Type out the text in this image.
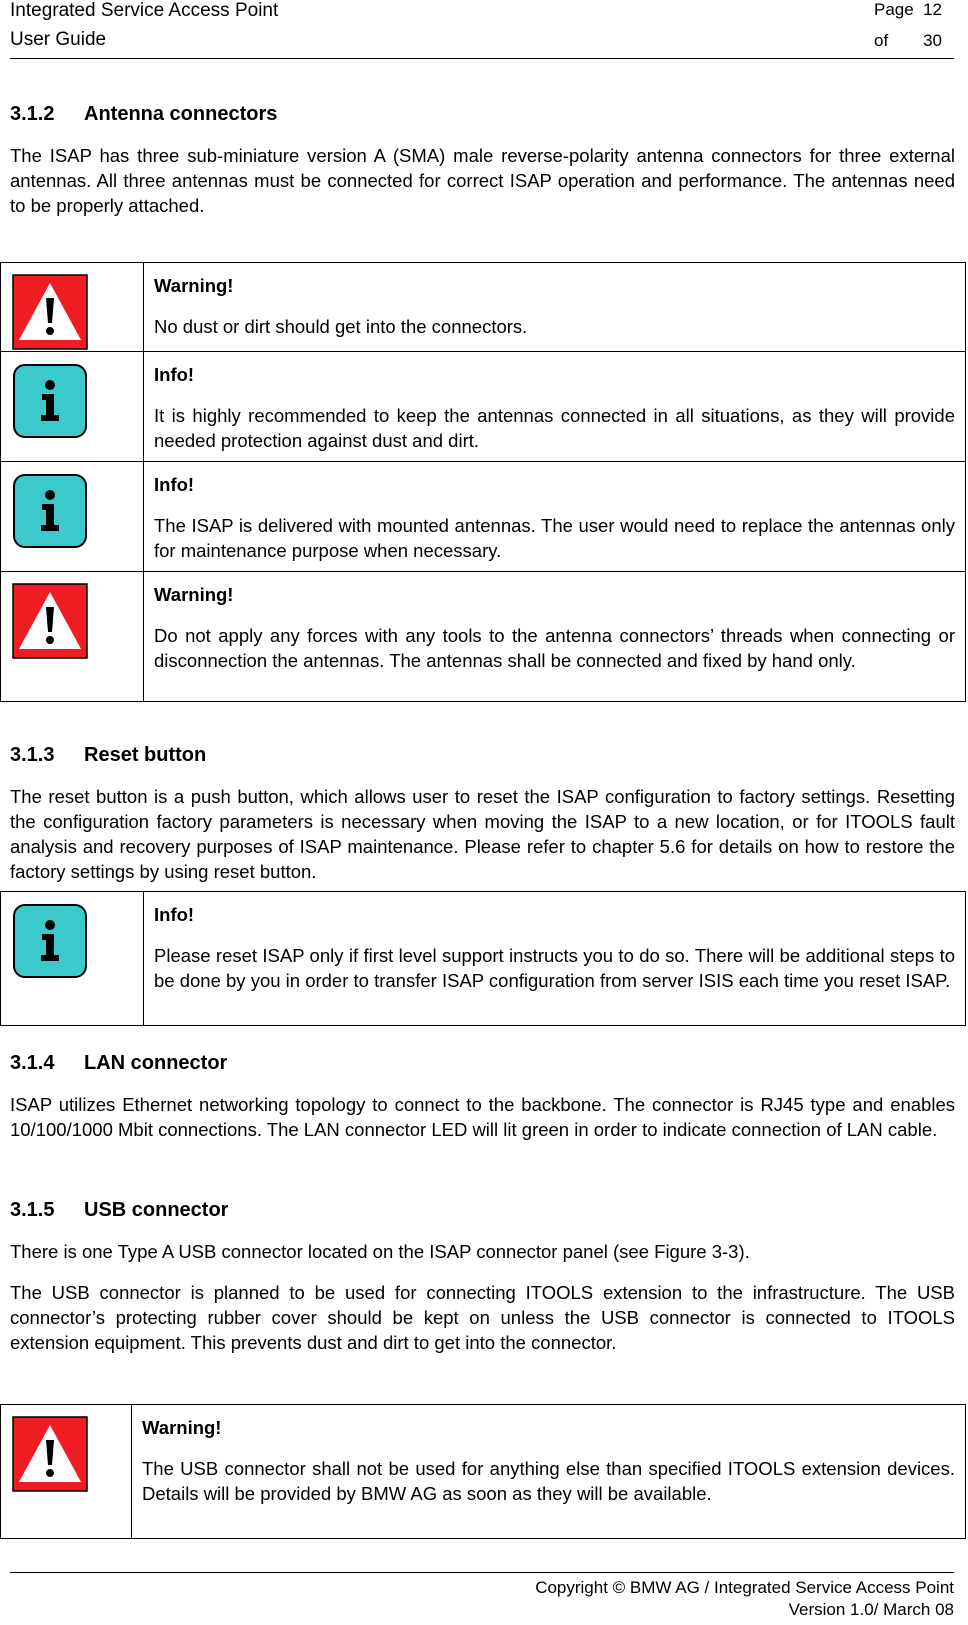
Integrated Service Access Point
User Guide
Page 12
of	30
3.1.2 Antenna connectors
The ISAP has three sub-miniature version A (SMA) male reverse-polarity antenna connectors for three external antennas. All three antennas must be connected for correct ISAP operation and performance. The antennas need to be properly attached.

Warning!
No dust or dirt should get into the connectors.

Info!
It is highly recommended to keep the antennas connected in all situations, as they will provide needed protection against dust and dirt.

Info!
The ISAP is delivered with mounted antennas. The user would need to replace the antennas only for maintenance purpose when necessary.

Warning!
Do not apply any forces with any tools to the antenna connectors’ threads when connecting or disconnection the antennas. The antennas shall be connected and fixed by hand only.
3.1.3 Reset button
The reset button is a push button, which allows user to reset the ISAP configuration to factory settings. Resetting the configuration factory parameters is necessary when moving the ISAP to a new location, or for ITOOLS fault analysis and recovery purposes of ISAP maintenance. Please refer to chapter 5.6 for details on how to restore the factory settings by using reset button.

Info!
Please reset ISAP only if first level support instructs you to do so. There will be additional steps to be done by you in order to transfer ISAP configuration from server ISIS each time you reset ISAP.
3.1.4 LAN connector
ISAP utilizes Ethernet networking topology to connect to the backbone. The connector is RJ45 type and enables 10/100/1000 Mbit connections. The LAN connector LED will lit green in order to indicate connection of LAN cable.
3.1.5 USB connector
There is one Type A USB connector located on the ISAP connector panel (see Figure 3-3).
The USB connector is planned to be used for connecting ITOOLS extension to the infrastructure. The USB connector’s protecting rubber cover should be kept on unless the USB connector is connected to ITOOLS extension equipment. This prevents dust and dirt to get into the connector.

Warning!
The USB connector shall not be used for anything else than specified ITOOLS extension devices. Details will be provided by BMW AG as soon as they will be available.
Copyright © BMW AG / Integrated Service Access Point
Version 1.0/ March 08
